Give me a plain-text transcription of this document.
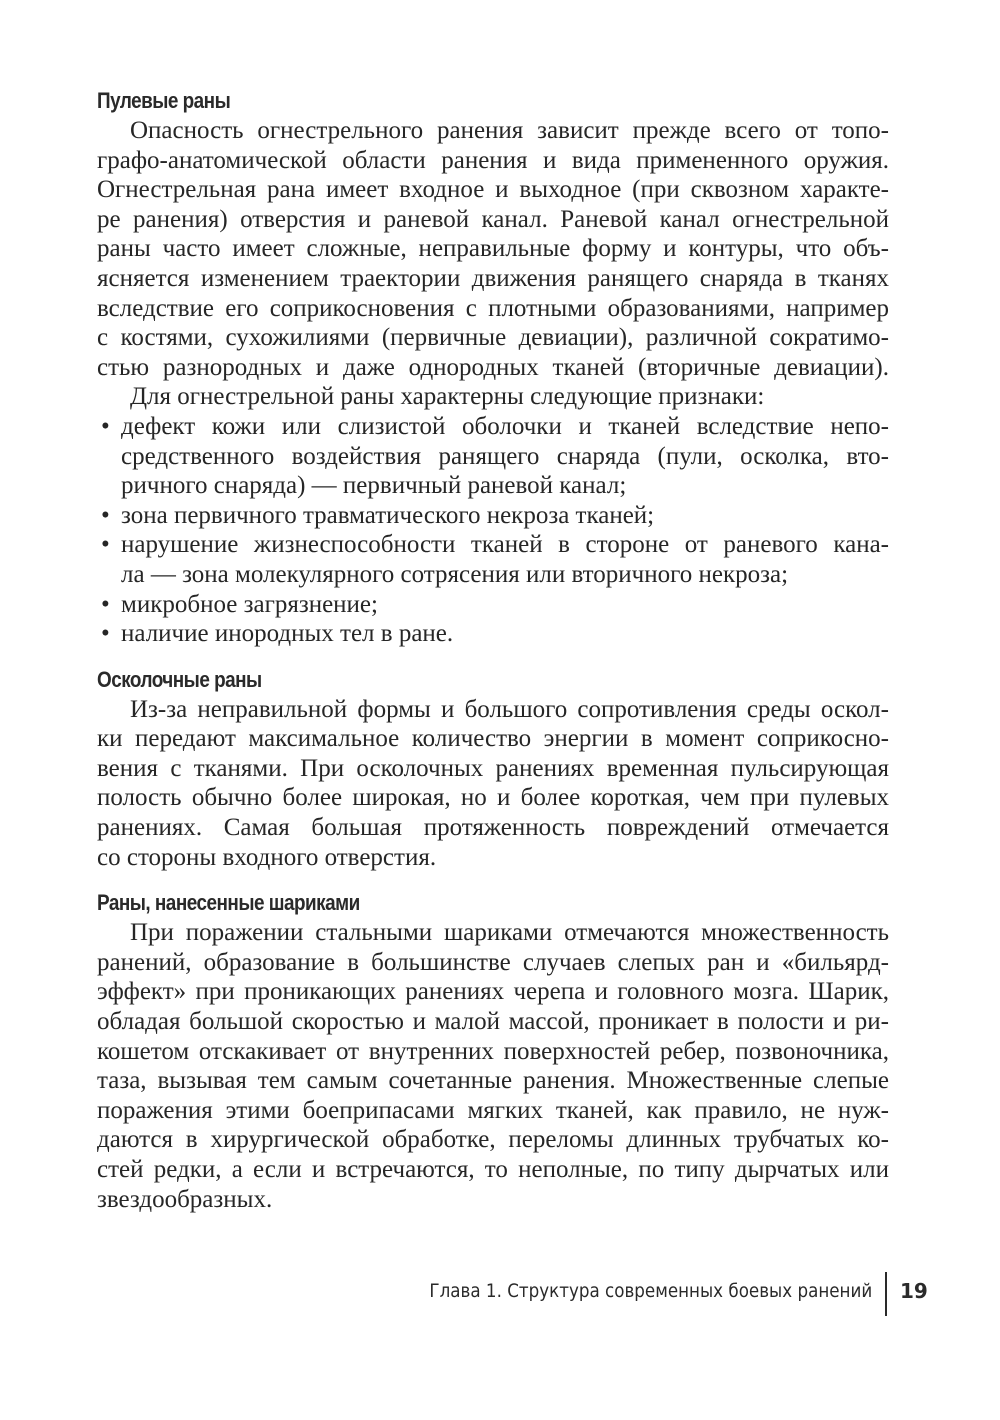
Пулевые раны
Опасность огнестрельного ранения зависит прежде всего от топо-
графо-анатомической области ранения и вида примененного оружия.
Огнестрельная рана имеет входное и выходное (при сквозном характе-
ре ранения) отверстия и раневой канал. Раневой канал огнестрельной
раны часто имеет сложные, неправильные форму и контуры, что объ-
ясняется изменением траектории движения ранящего снаряда в тканях
вследствие его соприкосновения с плотными образованиями, например
с костями, сухожилиями (первичные девиации), различной сократимо-
стью разнородных и даже однородных тканей (вторичные девиации).
Для огнестрельной раны характерны следующие признаки:
• дефект кожи или слизистой оболочки и тканей вследствие непо-
средственного воздействия ранящего снаряда (пули, осколка, вто-
ричного снаряда) — первичный раневой канал;
• зона первичного травматического некроза тканей;
• нарушение жизнеспособности тканей в стороне от раневого кана-
ла — зона молекулярного сотрясения или вторичного некроза;
• микробное загрязнение;
• наличие инородных тел в ране.
Осколочные раны
Из-за неправильной формы и большого сопротивления среды оскол-
ки передают максимальное количество энергии в момент соприкосно-
вения с тканями. При осколочных ранениях временная пульсирующая
полость обычно более широкая, но и более короткая, чем при пулевых
ранениях. Самая большая протяженность повреждений отмечается
со стороны входного отверстия.
Раны, нанесенные шариками
При поражении стальными шариками отмечаются множественность
ранений, образование в большинстве случаев слепых ран и «бильярд-
эффект» при проникающих ранениях черепа и головного мозга. Шарик,
обладая большой скоростью и малой массой, проникает в полости и ри-
кошетом отскакивает от внутренних поверхностей ребер, позвоночника,
таза, вызывая тем самым сочетанные ранения. Множественные слепые
поражения этими боеприпасами мягких тканей, как правило, не нуж-
даются в хирургической обработке, переломы длинных трубчатых ко-
стей редки, а если и встречаются, то неполные, по типу дырчатых или
звездообразных.
Глава 1. Структура современных боевых ранений 19
